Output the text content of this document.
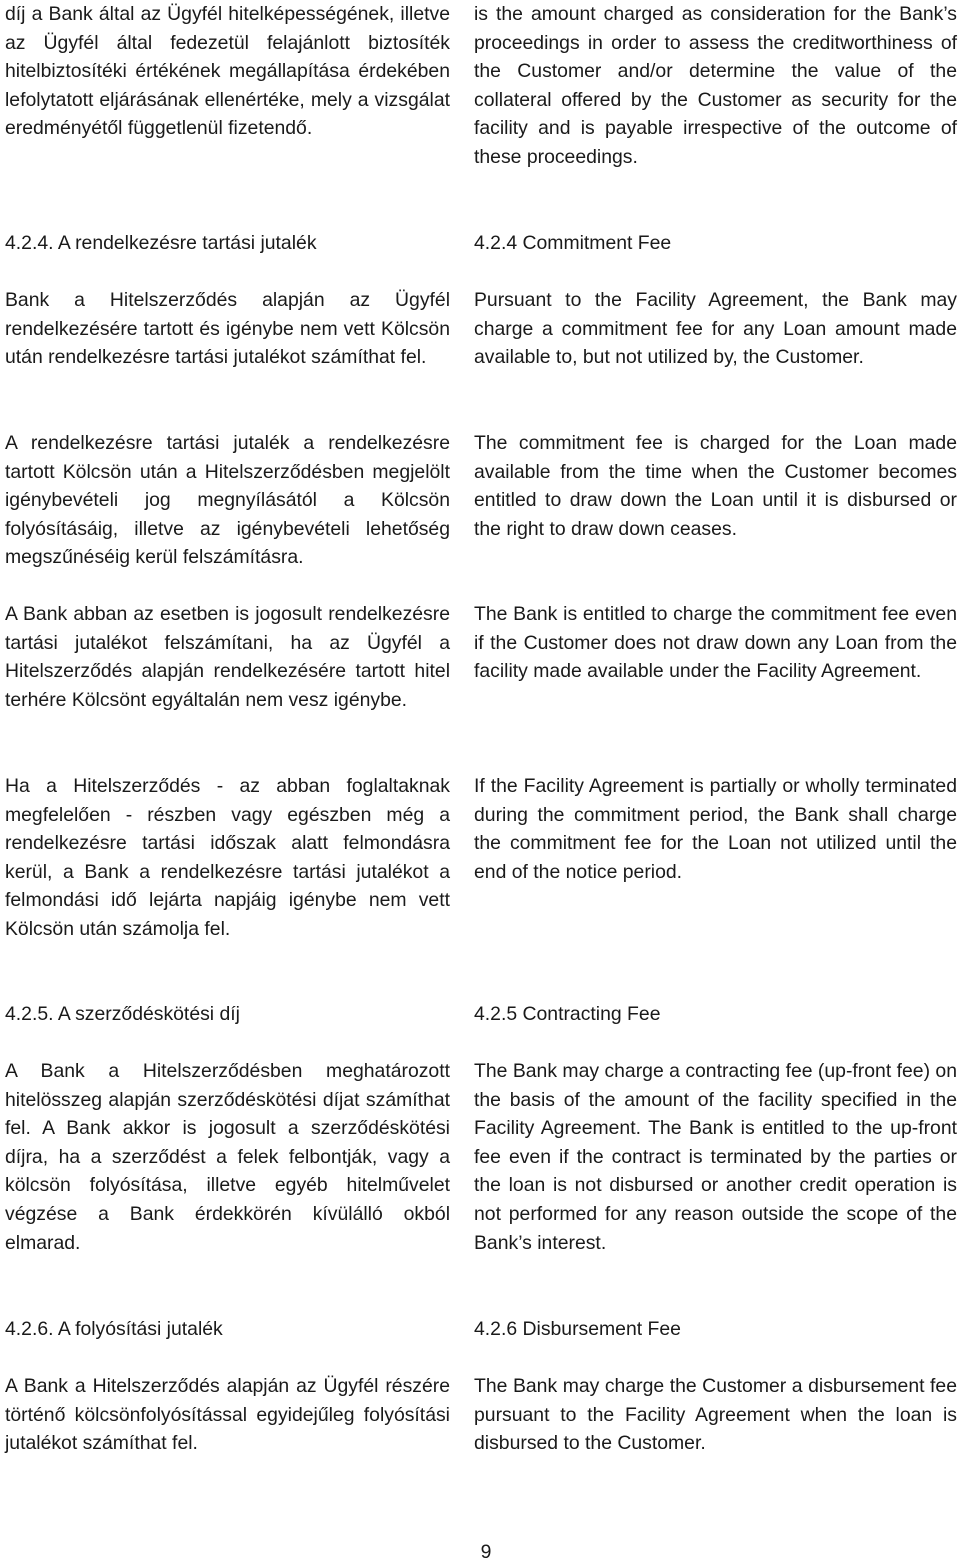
díj a Bank által az Ügyfél hitelképességének, illetve az Ügyfél által fedezetül felajánlott biztosíték hitelbiztosítéki értékének megállapítása érdekében lefolytatott eljárásának ellenértéke, mely a vizsgálat eredményétől függetlenül fizetendő.

is the amount charged as consideration for the Bank’s proceedings in order to assess the creditworthiness of the Customer and/or determine the value of the collateral offered by the Customer as security for the facility and is payable irrespective of the outcome of these proceedings.

4.2.4. A rendelkezésre tartási jutalék	4.2.4 Commitment Fee

Bank a Hitelszerződés alapján az Ügyfél rendelkezésére tartott és igénybe nem vett Kölcsön után rendelkezésre tartási jutalékot számíthat fel.

Pursuant to the Facility Agreement, the Bank may charge a commitment fee for any Loan amount made available to, but not utilized by, the Customer.

A rendelkezésre tartási jutalék a rendelkezésre tartott Kölcsön után a Hitelszerződésben megjelölt igénybevételi jog megnyílásától a Kölcsön folyósításáig, illetve az igénybevételi lehetőség megszűnéséig kerül felszámításra.

The commitment fee is charged for the Loan made available from the time when the Customer becomes entitled to draw down the Loan until it is disbursed or the right to draw down ceases.

A Bank abban az esetben is jogosult rendelkezésre tartási jutalékot felszámítani, ha az Ügyfél a Hitelszerződés alapján rendelkezésére tartott hitel terhére Kölcsönt egyáltalán nem vesz igénybe.

The Bank is entitled to charge the commitment fee even if the Customer does not draw down any Loan from the facility made available under the Facility Agreement.

Ha a Hitelszerződés - az abban foglaltaknak megfelelően - részben vagy egészben még a rendelkezésre tartási időszak alatt felmondásra kerül, a Bank a rendelkezésre tartási jutalékot a felmondási idő lejárta napjáig igénybe nem vett Kölcsön után számolja fel.

If the Facility Agreement is partially or wholly terminated during the commitment period, the Bank shall charge the commitment fee for the Loan not utilized until the end of the notice period.

4.2.5. A szerződéskötési díj	4.2.5 Contracting Fee

A Bank a Hitelszerződésben meghatározott hitelösszeg alapján szerződéskötési díjat számíthat fel. A Bank akkor is jogosult a szerződéskötési díjra, ha a szerződést a felek felbontják, vagy a kölcsön folyósítása, illetve egyéb hitelművelet végzése a Bank érdekkörén kívülálló okból elmarad.

The Bank may charge a contracting fee (up-front fee) on the basis of the amount of the facility specified in the Facility Agreement. The Bank is entitled to the up-front fee even if the contract is terminated by the parties or the loan is not disbursed or another credit operation is not performed for any reason outside the scope of the Bank’s interest.

4.2.6. A folyósítási jutalék	4.2.6 Disbursement Fee

A Bank a Hitelszerződés alapján az Ügyfél részére történő kölcsönfolyósítással egyidejűleg folyósítási jutalékot számíthat fel.

The Bank may charge the Customer a disbursement fee pursuant to the Facility Agreement when the loan is disbursed to the Customer.

9
